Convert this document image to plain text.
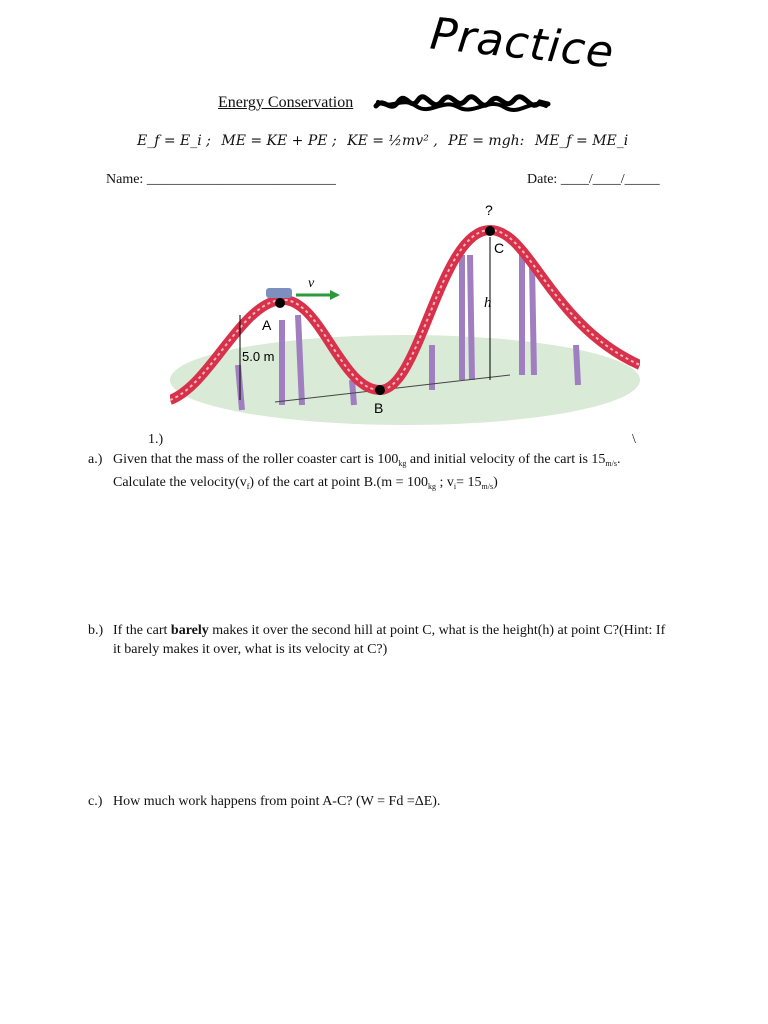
Practice
Energy Conservation
E_f = E_i ; ME = KE + PE ; KE = ½mv² , PE = mgh: ME_f = ME_i
Name: ___________________________	Date: ____/____/_____
v
A
5.0 m
B
C
?
h
1.)	\
a.) Given that the mass of the roller coaster cart is $100_{kg}$ and initial velocity of the cart is $15_{m/s}$.
Calculate the $velocity(v_f)$ of the cart at point $B.(m = 100_{kg}$ ; $v_i= 15_{m/s}$)
b.) If the cart barely makes it over the second hill at point C, what is the height(h) at point C?(Hint: If
it barely makes it over, what is its velocity at C?)
c.) How much work happens from point A-C? (W = Fd =ΔE).
